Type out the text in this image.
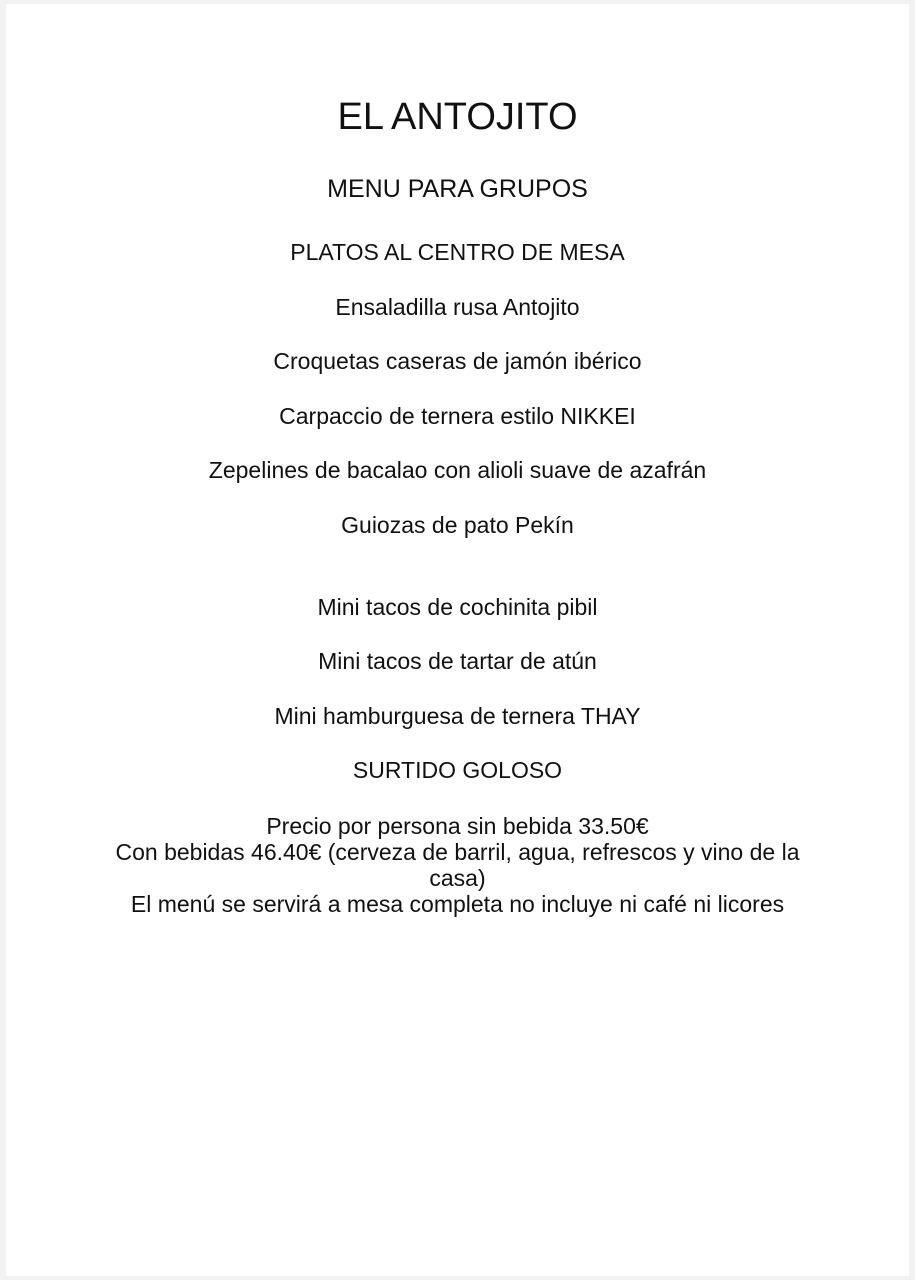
EL ANTOJITO
MENU PARA GRUPOS
PLATOS AL CENTRO DE MESA
Ensaladilla rusa Antojito
Croquetas caseras de jamón ibérico
Carpaccio de ternera estilo NIKKEI
Zepelines de bacalao con alioli suave de azafrán
Guiozas de pato Pekín
Mini tacos de cochinita pibil
Mini tacos de tartar de atún
Mini hamburguesa de ternera THAY
SURTIDO GOLOSO
Precio por persona sin bebida 33.50€
Con bebidas 46.40€ (cerveza de barril, agua, refrescos y vino de la casa)
El menú se servirá a mesa completa no incluye ni café ni licores
